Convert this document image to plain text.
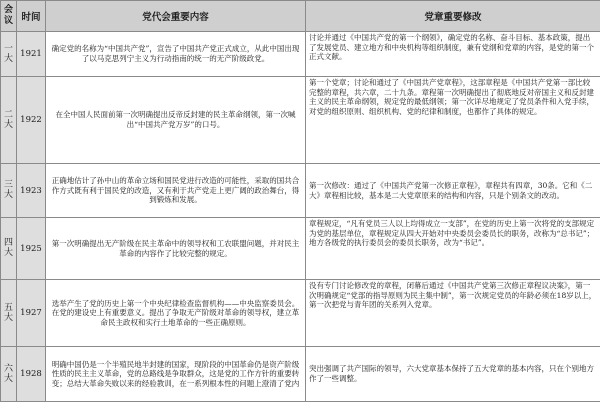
会议	时间	党代会重要内容	党章重要修改
一大	1921	确定党的名称为“中国共产党”，宣告了中国共产党正式成立，从此中国出现了以马克思列宁主义为行动指南的统一的无产阶级政党。	讨论并通过《中国共产党的第一个纲领》，确定党的名称、奋斗目标、基本政策，提出了发展党员、建立地方和中央机构等组织制度，兼有党纲和党章的内容，是党的第一个正式文献。
二大	1922	在全中国人民面前第一次明确提出反帝反封建的民主革命纲领，第一次喊出“中国共产党万岁”的口号。	第一个党章；讨论和通过了《中国共产党章程》，这部章程是《中国共产党第一部比较完整的章程，共六章，二十九条。章程第一次明确提出了彻底地反对帝国主义和反封建主义的民主革命纲领，规定党的最低纲领；第一次详尽地规定了党员条件和入党手续，对党的组织原则、组织机构、党的纪律和制度，也都作了具体的规定。
三大	1923	正确地估计了孙中山的革命立场和国民党进行改造的可能性，采取的国共合作方式既有利于国民党的改造，又有利于共产党走上更广阔的政治舞台，得到锻炼和发展。	第一次修改：通过了《中国共产党第一次修正章程》，章程共有四章，30条。它和《二大》章程相比较，基本是二大党章原来的结构和内容，只是个别条文的改动。
四大	1925	第一次明确提出无产阶级在民主革命中的领导权和工农联盟问题，并对民主革命的内容作了比较完整的规定。	章程规定，“凡有党员三人以上均得成立一支部”，在党的历史上第一次将党的支部规定为党的基层单位，章程规定从四大开始对中央委员会委员长的职务，改称为“总书记”；地方各级党的执行委员会的委员长职务，改为“书记”。
五大	1927	选举产生了党的历史上第一个中央纪律检查监督机构——中央监察委员会。在党的建设史上有重要意义。提出了争取无产阶级对革命的领导权，建立革命民主政权和实行土地革命的一些正确原则。	没有专门讨论修改党的章程，闭幕后通过《中国共产党第三次修正章程议决案》，第一次明确规定“党部的指导原则为民主集中制”，第一次规定党员的年龄必须在18岁以上，第一次把党与青年团的关系列入党章。
六大	1928	明确中国仍是一个半殖民地半封建的国家，现阶段的中国革命仍是资产阶级性质的民主主义革命，党的总路线是争取群众，这是党的工作方针的重要转变；总结大革命失败以来的经验教训，在一系列根本性的问题上澄清了党内	突出强调了共产国际的领导，六大党章基本保持了五大党章的基本内容，只在个别地方作了一些调整。
